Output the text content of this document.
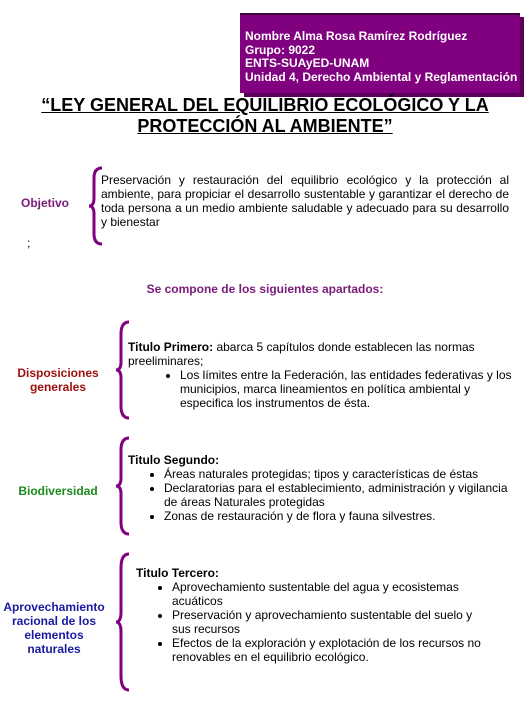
Nombre Alma Rosa Ramírez Rodríguez
Grupo: 9022
ENTS-SUAyED-UNAM
Unidad 4, Derecho Ambiental y Reglamentación
“LEY GENERAL DEL EQUILIBRIO ECOLÓGICO Y LA
PROTECCIÓN AL AMBIENTE”
Objetivo
Preservación y restauración del equilibrio ecológico y la protección al ambiente, para propiciar el desarrollo sustentable y garantizar el derecho de toda persona a un medio ambiente saludable y adecuado para su desarrollo y bienestar
;
Se compone de los siguientes apartados:
Disposiciones
generales
Titulo Primero: abarca 5 capítulos donde establecen las normas preeliminares;
• Los límites entre la Federación, las entidades federativas y los municipios, marca lineamientos en política ambiental y especifica los instrumentos de ésta.
Biodiversidad
Titulo Segundo:
• Áreas naturales protegidas; tipos y características de éstas
• Declaratorias para el establecimiento, administración y vigilancia de áreas Naturales protegidas
• Zonas de restauración y de flora y fauna silvestres.
Aprovechamiento
racional de los
elementos
naturales
Titulo Tercero:
• Aprovechamiento sustentable del agua y ecosistemas acuáticos
• Preservación y aprovechamiento sustentable del suelo y sus recursos
• Efectos de la exploración y explotación de los recursos no renovables en el equilibrio ecológico.
